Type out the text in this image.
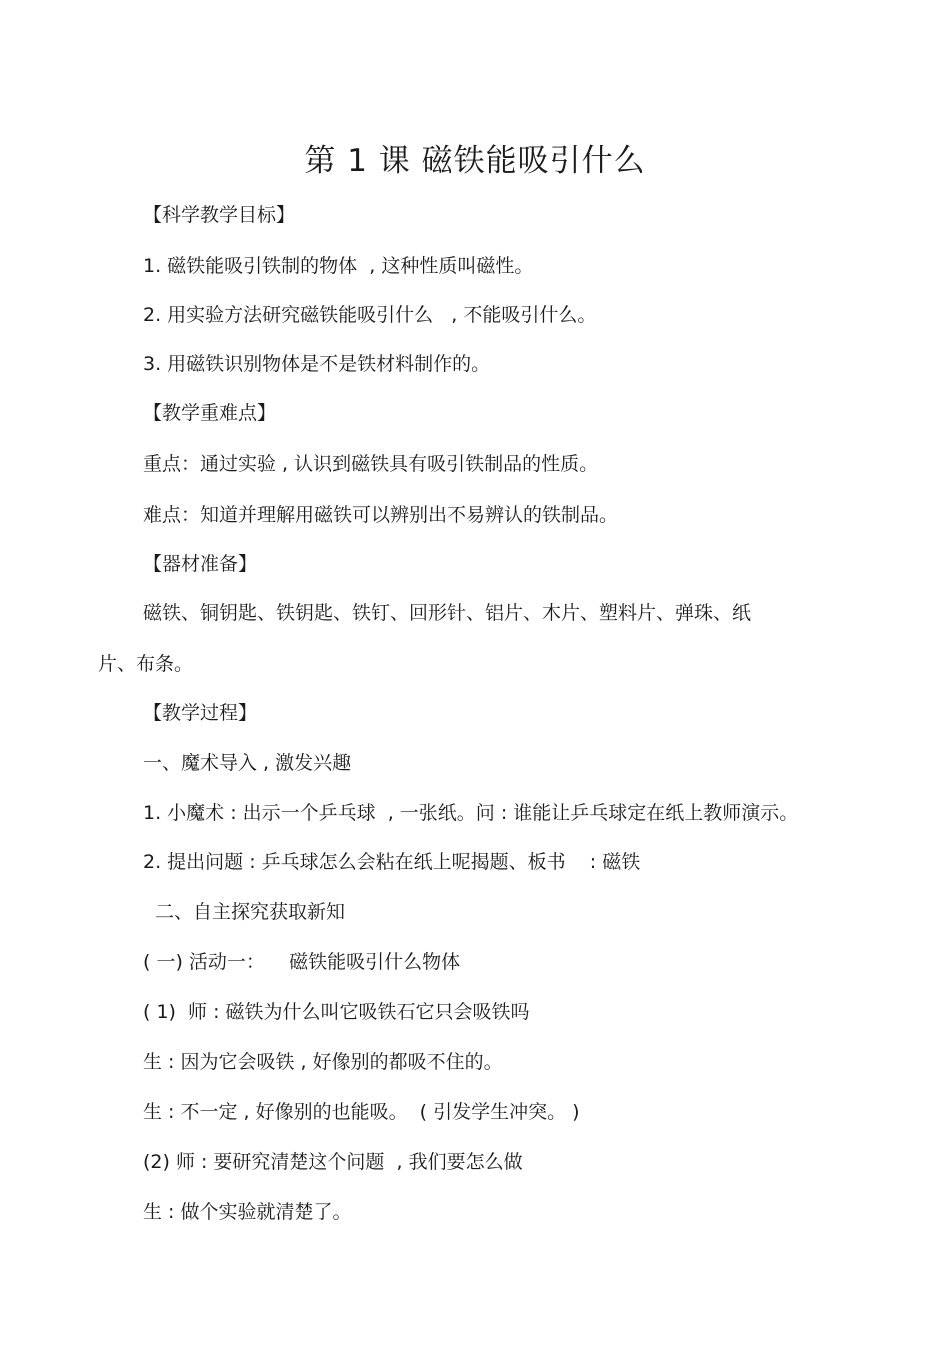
第 1 课 磁铁能吸引什么
【科学教学目标】
1. 磁铁能吸引铁制的物体  , 这种性质叫磁性。
2. 用实验方法研究磁铁能吸引什么   , 不能吸引什么。
3. 用磁铁识别物体是不是铁材料制作的。
【教学重难点】
重点：通过实验 , 认识到磁铁具有吸引铁制品的性质。
难点：知道并理解用磁铁可以辨别出不易辨认的铁制品。
【器材准备】
磁铁、铜钥匙、铁钥匙、铁钉、回形针、铝片、木片、塑料片、弹珠、纸
片、布条。
【教学过程】
一、魔术导入 , 激发兴趣
1. 小魔术 : 出示一个乒乓球  , 一张纸。问 : 谁能让乒乓球定在纸上教师演示。
2. 提出问题 : 乒乓球怎么会粘在纸上呢揭题、板书    : 磁铁
二、自主探究获取新知
( 一) 活动一：    磁铁能吸引什么物体
( 1)  师 : 磁铁为什么叫它吸铁石它只会吸铁吗
生 : 因为它会吸铁 , 好像别的都吸不住的。
生 : 不一定 , 好像别的也能吸。  ( 引发学生冲突。 )
(2) 师 : 要研究清楚这个问题  , 我们要怎么做
生 : 做个实验就清楚了。
